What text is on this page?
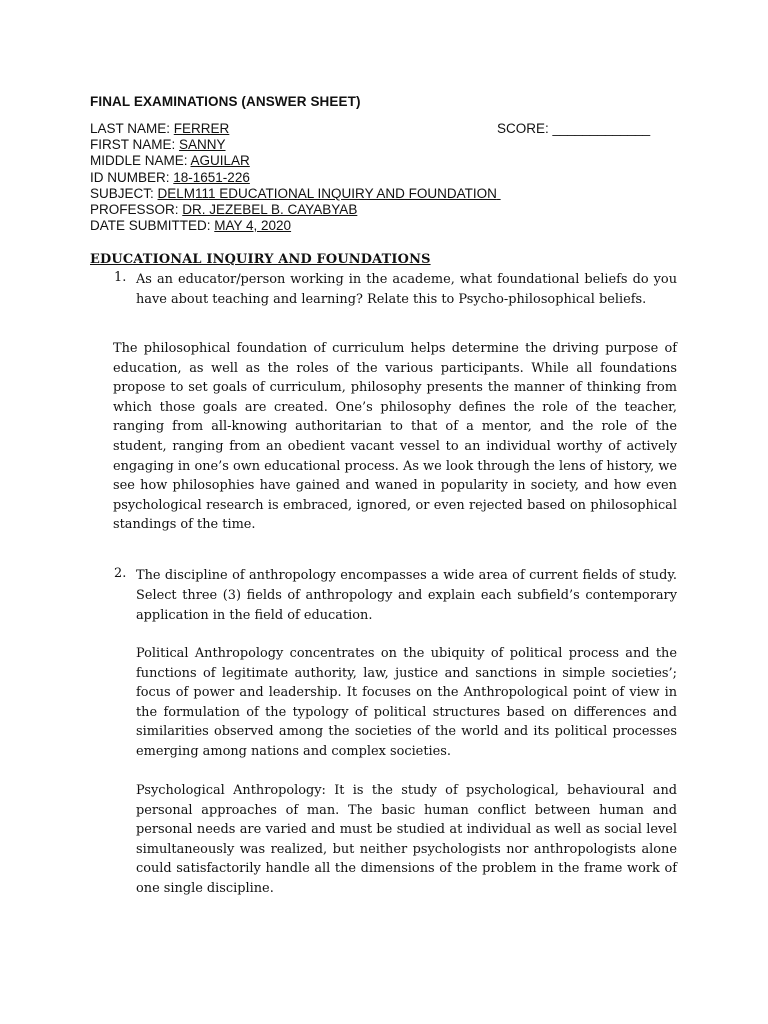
FINAL EXAMINATIONS (ANSWER SHEET)
LAST NAME: FERRER
FIRST NAME: SANNY
MIDDLE NAME: AGUILAR
ID NUMBER: 18-1651-226
SUBJECT: DELM111 EDUCATIONAL INQUIRY AND FOUNDATION
PROFESSOR: DR. JEZEBEL B. CAYABYAB
DATE SUBMITTED: MAY 4, 2020
SCORE: _____________
EDUCATIONAL INQUIRY AND FOUNDATIONS
1. As an educator/person working in the academe, what foundational beliefs do you have about teaching and learning? Relate this to Psycho-philosophical beliefs.
The philosophical foundation of curriculum helps determine the driving purpose of education, as well as the roles of the various participants. While all foundations propose to set goals of curriculum, philosophy presents the manner of thinking from which those goals are created. One’s philosophy defines the role of the teacher, ranging from all-knowing authoritarian to that of a mentor, and the role of the student, ranging from an obedient vacant vessel to an individual worthy of actively engaging in one’s own educational process. As we look through the lens of history, we see how philosophies have gained and waned in popularity in society, and how even psychological research is embraced, ignored, or even rejected based on philosophical standings of the time.
2. The discipline of anthropology encompasses a wide area of current fields of study. Select three (3) fields of anthropology and explain each subfield’s contemporary application in the field of education.
Political Anthropology concentrates on the ubiquity of political process and the functions of legitimate authority, law, justice and sanctions in simple societies’; focus of power and leadership. It focuses on the Anthropological point of view in the formulation of the typology of political structures based on differences and similarities observed among the societies of the world and its political processes emerging among nations and complex societies.
Psychological Anthropology: It is the study of psychological, behavioural and personal approaches of man. The basic human conflict between human and personal needs are varied and must be studied at individual as well as social level simultaneously was realized, but neither psychologists nor anthropologists alone could satisfactorily handle all the dimensions of the problem in the frame work of one single discipline.
